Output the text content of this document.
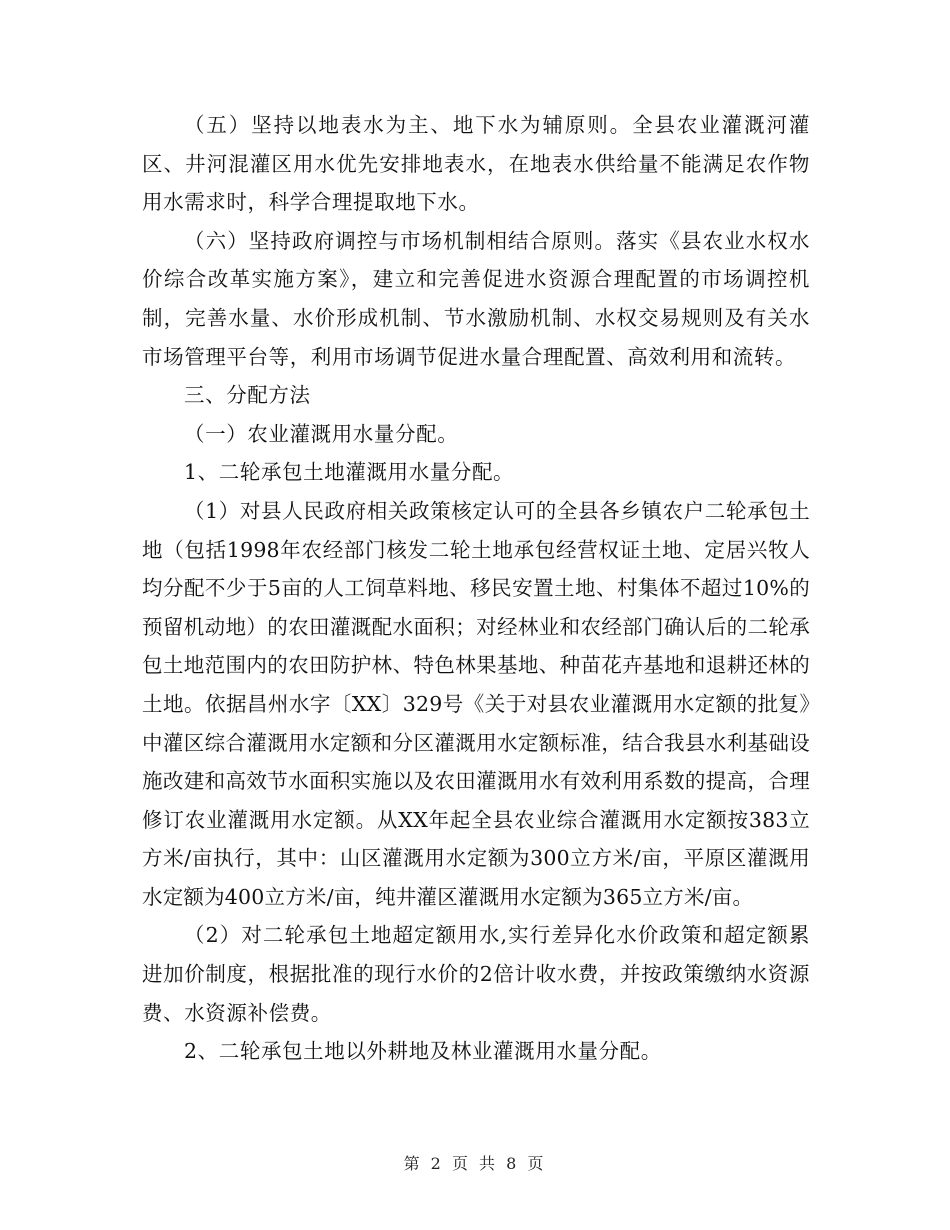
（五）坚持以地表水为主、地下水为辅原则。全县农业灌溉河灌区、井河混灌区用水优先安排地表水，在地表水供给量不能满足农作物用水需求时，科学合理提取地下水。

（六）坚持政府调控与市场机制相结合原则。落实《县农业水权水价综合改革实施方案》，建立和完善促进水资源合理配置的市场调控机制，完善水量、水价形成机制、节水激励机制、水权交易规则及有关水市场管理平台等，利用市场调节促进水量合理配置、高效利用和流转。

三、分配方法

（一）农业灌溉用水量分配。

1、二轮承包土地灌溉用水量分配。

（1）对县人民政府相关政策核定认可的全县各乡镇农户二轮承包土地（包括1998年农经部门核发二轮土地承包经营权证土地、定居兴牧人均分配不少于5亩的人工饲草料地、移民安置土地、村集体不超过10%的预留机动地）的农田灌溉配水面积；对经林业和农经部门确认后的二轮承包土地范围内的农田防护林、特色林果基地、种苗花卉基地和退耕还林的土地。依据昌州水字〔XX〕329号《关于对县农业灌溉用水定额的批复》中灌区综合灌溉用水定额和分区灌溉用水定额标准，结合我县水利基础设施改建和高效节水面积实施以及农田灌溉用水有效利用系数的提高，合理修订农业灌溉用水定额。从XX年起全县农业综合灌溉用水定额按383立方米/亩执行，其中：山区灌溉用水定额为300立方米/亩，平原区灌溉用水定额为400立方米/亩，纯井灌区灌溉用水定额为365立方米/亩。

（2）对二轮承包土地超定额用水,实行差异化水价政策和超定额累进加价制度，根据批准的现行水价的2倍计收水费，并按政策缴纳水资源费、水资源补偿费。

2、二轮承包土地以外耕地及林业灌溉用水量分配。

第 2 页 共 8 页
